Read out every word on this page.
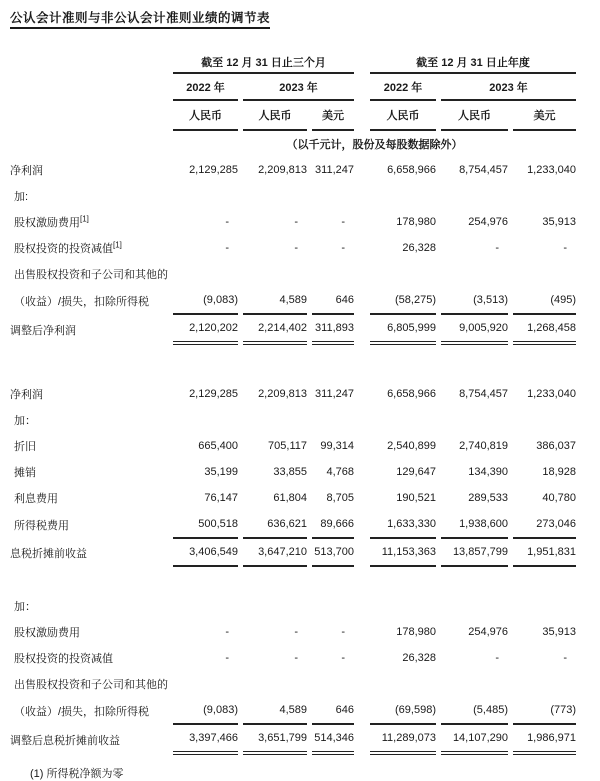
公认会计准则与非公认会计准则业绩的调节表
	截至 12 月 31 日止三个月				截至 12 月 31 日止年度		
	2022 年	2023 年			2022 年	2023 年	
	人民币	人民币	美元		人民币	人民币	美元
	（以千元计，股份及每股数据除外）						
净利润	2,129,285	2,209,813	311,247		6,658,966	8,754,457	1,233,040
加:							
股权激励费用[1]	-	-	-		178,980	254,976	35,913
股权投资的投资减值[1]	-	-	-		26,328	-	-
出售股权投资和子公司和其他的							
（收益）/损失，扣除所得税	(9,083)	4,589	646		(58,275)	(3,513)	(495)
调整后净利润	2,120,202	2,214,402	311,893		6,805,999	9,005,920	1,268,458

净利润	2,129,285	2,209,813	311,247		6,658,966	8,754,457	1,233,040
加：							
折旧	665,400	705,117	99,314		2,540,899	2,740,819	386,037
摊销	35,199	33,855	4,768		129,647	134,390	18,928
利息费用	76,147	61,804	8,705		190,521	289,533	40,780
所得税费用	500,518	636,621	89,666		1,633,330	1,938,600	273,046
息税折摊前收益	3,406,549	3,647,210	513,700		11,153,363	13,857,799	1,951,831

加：							
股权激励费用	-	-	-		178,980	254,976	35,913
股权投资的投资减值	-	-	-		26,328	-	-
出售股权投资和子公司和其他的							
（收益）/损失，扣除所得税	(9,083)	4,589	646		(69,598)	(5,485)	(773)
调整后息税折摊前收益	3,397,466	3,651,799	514,346		11,289,073	14,107,290	1,986,971
(1) 所得税净额为零
